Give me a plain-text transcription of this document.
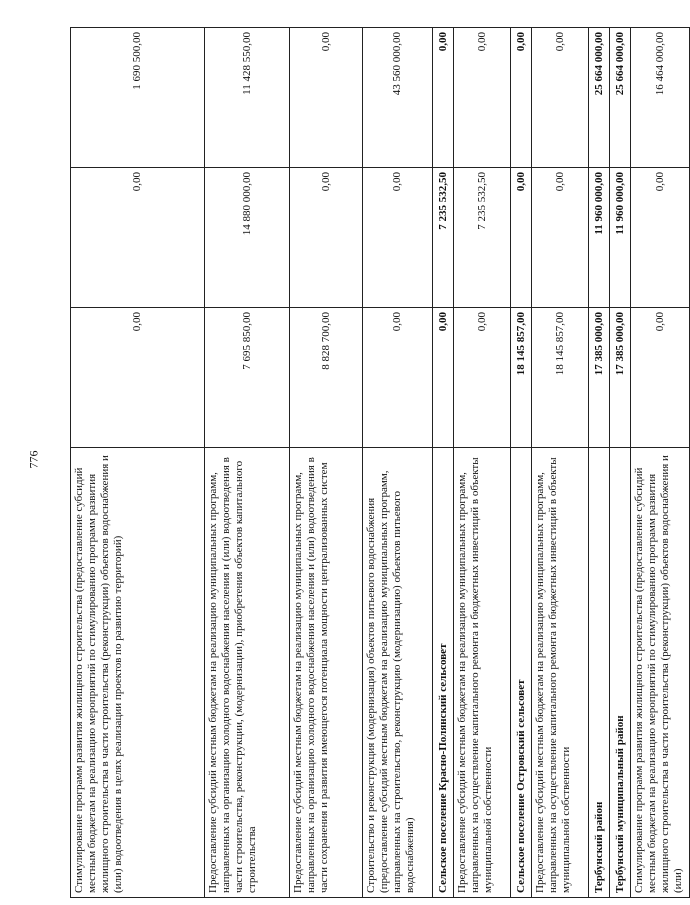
776
Стимулирование программ развития жилищного строительства (предоставление субсидий местным бюджетам на реализацию мероприятий по стимулированию программ развития жилищного строительства в части строительства (реконструкции) объектов водоснабжения и (или) водоотведения в целях реализации проектов по развитию территорий)	0,00	0,00	1 690 500,00
Предоставление субсидий местным бюджетам на реализацию муниципальных программ, направленных на организацию холодного водоснабжения населения и (или) водоотведения в части строительства, реконструкции, (модернизации), приобретения объектов капитального строительства	7 695 850,00	14 880 000,00	11 428 550,00
Предоставление субсидий местным бюджетам на реализацию муниципальных программ, направленных на организацию холодного водоснабжения населения и (или) водоотведения в части сохранения и развития имеющегося потенциала мощности централизованных систем	8 828 700,00	0,00	0,00
Строительство и реконструкция (модернизация) объектов питьевого водоснабжения (предоставление субсидий местным бюджетам на реализацию муниципальных программ, направленных на строительство, реконструкцию (модернизацию) объектов питьевого водоснабжения)	0,00	0,00	43 560 000,00
Сельское поселение Красно-Полянский сельсовет	0,00	7 235 532,50	0,00
Предоставление субсидий местным бюджетам на реализацию муниципальных программ, направленных на осуществление капитального ремонта и бюджетных инвестиций в объекты муниципальной собственности	0,00	7 235 532,50	0,00
Сельское поселение Островский сельсовет	18 145 857,00	0,00	0,00
Предоставление субсидий местным бюджетам на реализацию муниципальных программ, направленных на осуществление капитального ремонта и бюджетных инвестиций в объекты муниципальной собственности	18 145 857,00	0,00	0,00
Тербунский район	17 385 000,00	11 960 000,00	25 664 000,00
Тербунский муниципальный район	17 385 000,00	11 960 000,00	25 664 000,00
Стимулирование программ развития жилищного строительства (предоставление субсидий местным бюджетам на реализацию мероприятий по стимулированию программ развития жилищного строительства в части строительства (реконструкции) объектов водоснабжения и (или)	0,00	0,00	16 464 000,00
